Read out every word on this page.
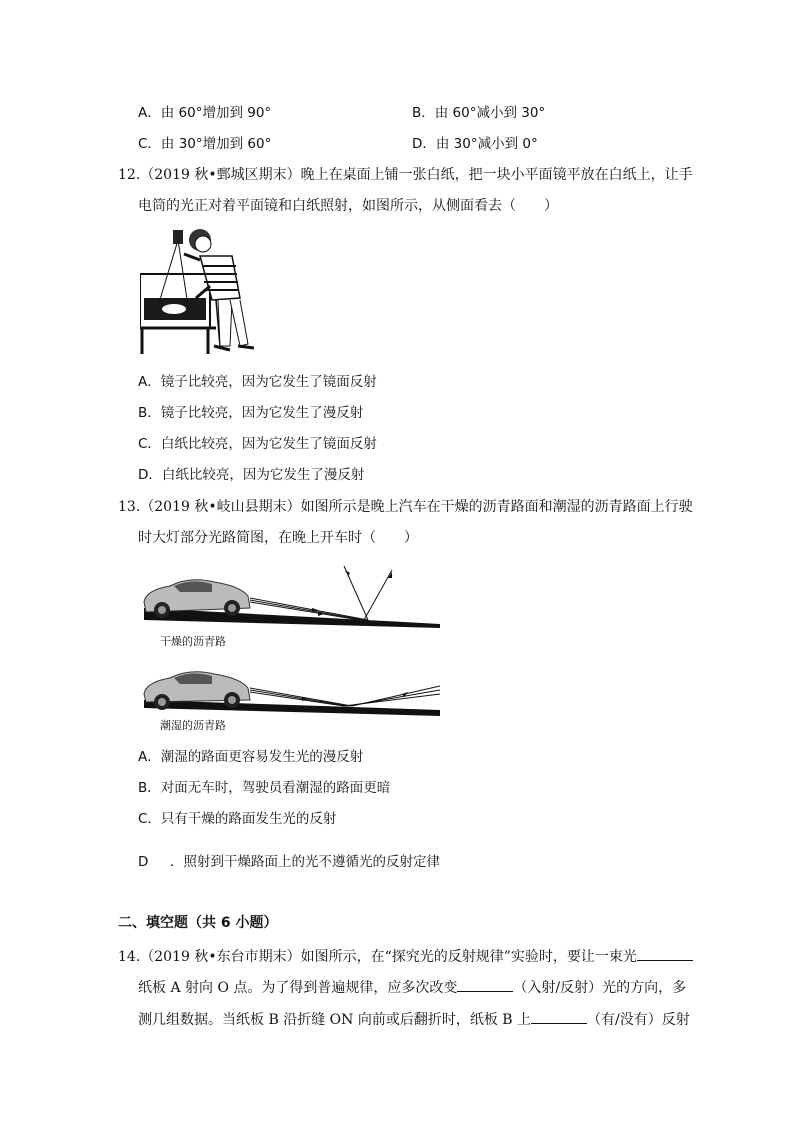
A．由 60°增加到 90°	B．由 60°减小到 30°
C．由 30°增加到 60°	D．由 30°减小到 0°
12.（2019 秋•鄄城区期末）晚上在桌面上铺一张白纸，把一块小平面镜平放在白纸上，让手
电筒的光正对着平面镜和白纸照射，如图所示，从侧面看去（　　）
A．镜子比较亮，因为它发生了镜面反射
B．镜子比较亮，因为它发生了漫反射
C．白纸比较亮，因为它发生了镜面反射
D．白纸比较亮，因为它发生了漫反射
13.（2019 秋•岐山县期末）如图所示是晚上汽车在干燥的沥青路面和潮湿的沥青路面上行驶
时大灯部分光路简图，在晚上开车时（　　）
干燥的沥青路
潮湿的沥青路
A．潮湿的路面更容易发生光的漫反射
B．对面无车时，驾驶员看潮湿的路面更暗
C．只有干燥的路面发生光的反射
D ．照射到干燥路面上的光不遵循光的反射定律
二、填空题（共 6 小题）
14.（2019 秋•东台市期末）如图所示，在“探究光的反射规律”实验时，要让一束光
纸板 A 射向 O 点。为了得到普遍规律，应多次改变	（入射/反射）光的方向，多
测几组数据。当纸板 B 沿折缝 ON 向前或后翻折时，纸板 B 上	（有/没有）反射
